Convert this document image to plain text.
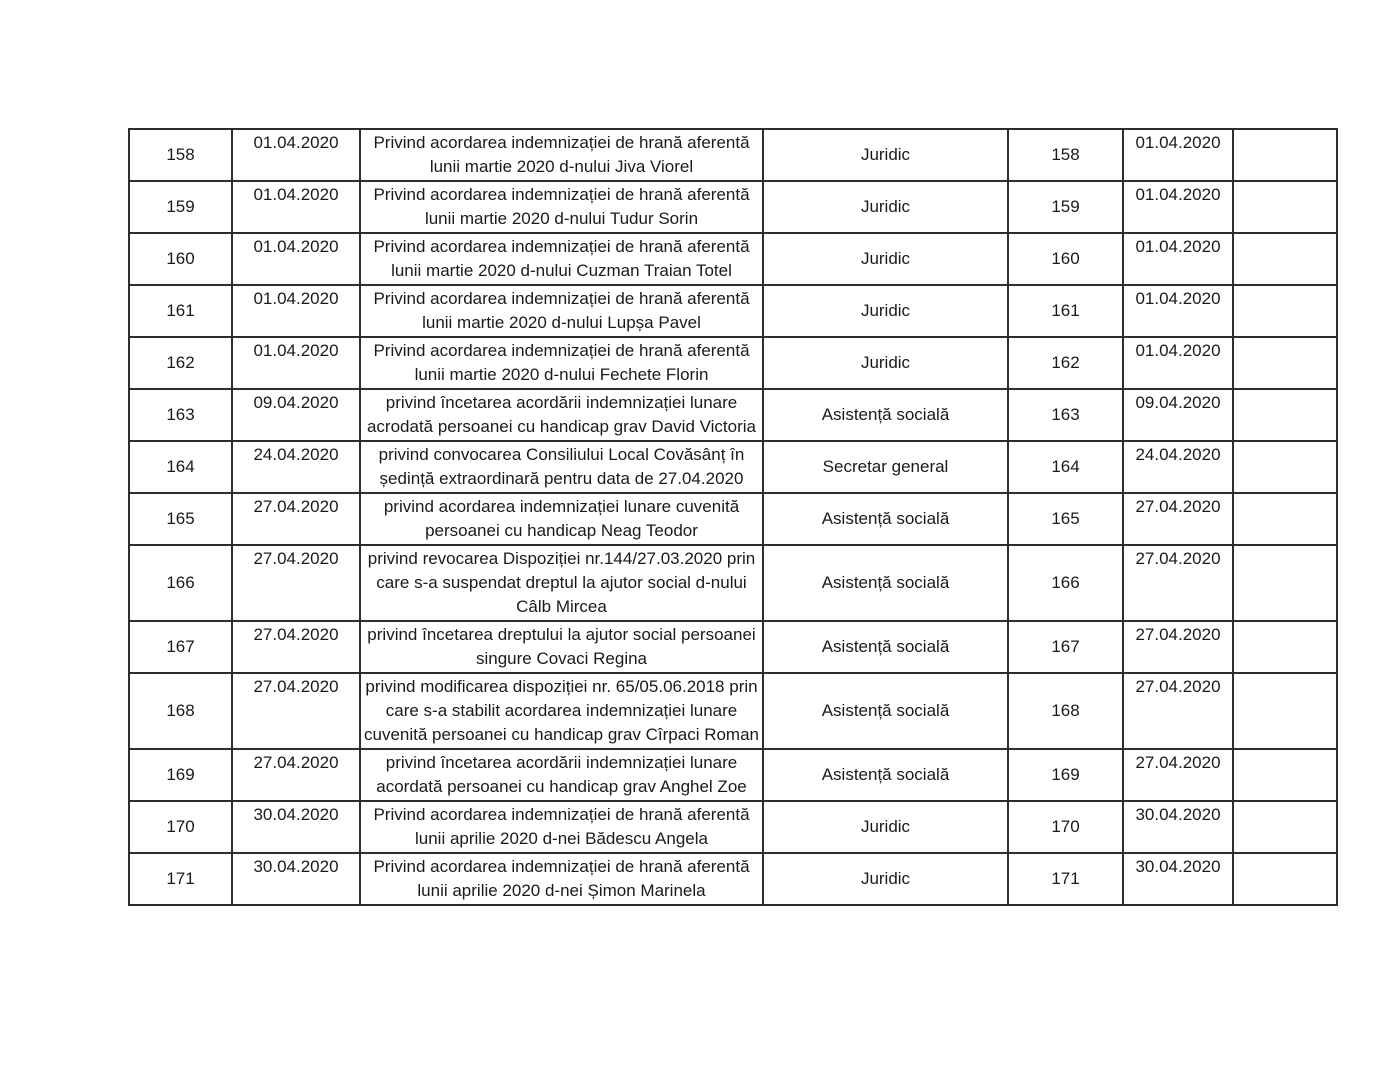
158	01.04.2020	Privind acordarea indemnizației de hrană aferentă lunii martie 2020 d-nului Jiva Viorel	Juridic	158	01.04.2020	
159	01.04.2020	Privind acordarea indemnizației de hrană aferentă lunii martie 2020 d-nului Tudur Sorin	Juridic	159	01.04.2020	
160	01.04.2020	Privind acordarea indemnizației de hrană aferentă lunii martie 2020 d-nului Cuzman Traian Totel	Juridic	160	01.04.2020	
161	01.04.2020	Privind acordarea indemnizației de hrană aferentă lunii martie 2020 d-nului Lupșa Pavel	Juridic	161	01.04.2020	
162	01.04.2020	Privind acordarea indemnizației de hrană aferentă lunii martie 2020 d-nului Fechete Florin	Juridic	162	01.04.2020	
163	09.04.2020	privind încetarea acordării indemnizației lunare acrodată persoanei cu handicap grav David Victoria	Asistență socială	163	09.04.2020	
164	24.04.2020	privind convocarea Consiliului Local Covăsânț în ședință extraordinară pentru data de 27.04.2020	Secretar general	164	24.04.2020	
165	27.04.2020	privind acordarea indemnizației lunare cuvenită persoanei cu handicap Neag Teodor	Asistență socială	165	27.04.2020	
166	27.04.2020	privind revocarea Dispoziției nr.144/27.03.2020 prin care s-a suspendat dreptul la ajutor social d-nului Câlb Mircea	Asistență socială	166	27.04.2020	
167	27.04.2020	privind încetarea dreptului la ajutor social persoanei singure Covaci Regina	Asistență socială	167	27.04.2020	
168	27.04.2020	privind modificarea dispoziției nr. 65/05.06.2018 prin care s-a stabilit acordarea indemnizației lunare cuvenită persoanei cu handicap grav Cîrpaci Roman	Asistență socială	168	27.04.2020	
169	27.04.2020	privind încetarea acordării indemnizației lunare acordată persoanei cu handicap grav Anghel Zoe	Asistență socială	169	27.04.2020	
170	30.04.2020	Privind acordarea indemnizației de hrană aferentă lunii aprilie 2020 d-nei Bădescu Angela	Juridic	170	30.04.2020	
171	30.04.2020	Privind acordarea indemnizației de hrană aferentă lunii aprilie 2020 d-nei Șimon Marinela	Juridic	171	30.04.2020	
